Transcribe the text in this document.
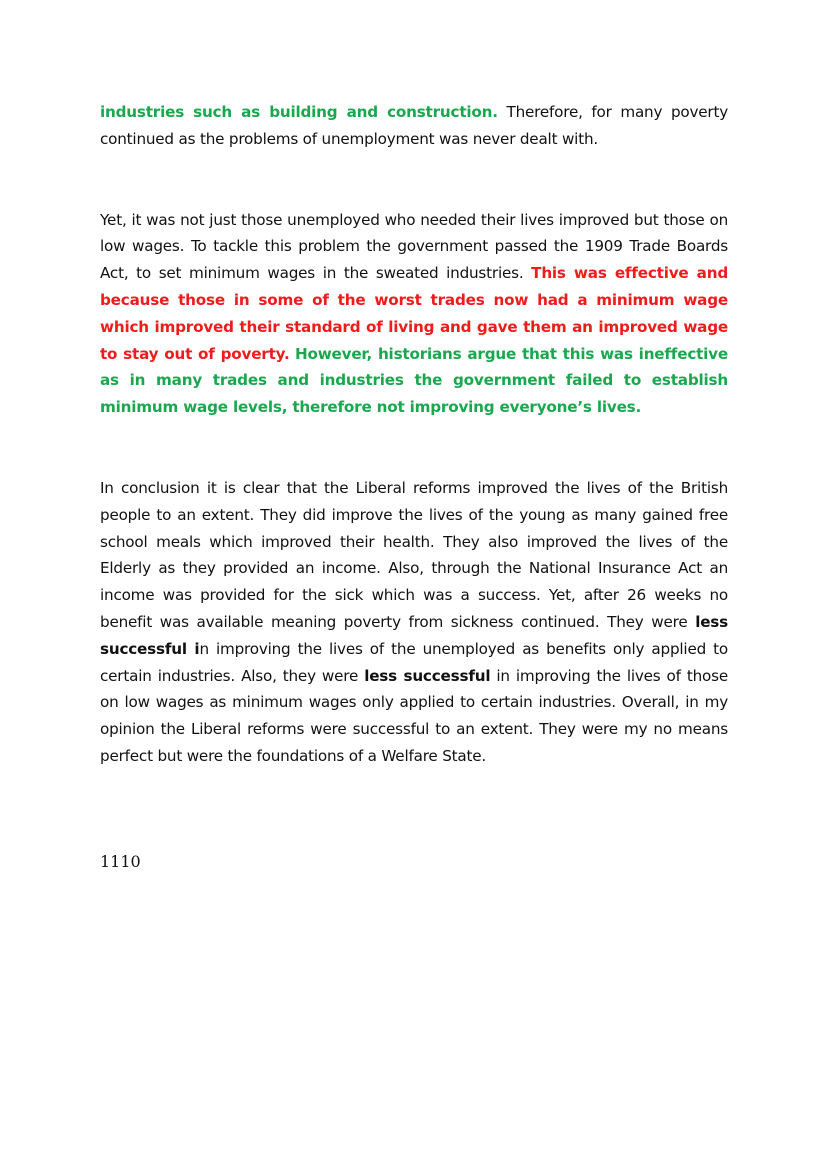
industries such as building and construction. Therefore, for many poverty continued as the problems of unemployment was never dealt with.

Yet, it was not just those unemployed who needed their lives improved but those on low wages. To tackle this problem the government passed the 1909 Trade Boards Act, to set minimum wages in the sweated industries. This was effective and because those in some of the worst trades now had a minimum wage which improved their standard of living and gave them an improved wage to stay out of poverty. However, historians argue that this was ineffective as in many trades and industries the government failed to establish minimum wage levels, therefore not improving everyone’s lives.

In conclusion it is clear that the Liberal reforms improved the lives of the British people to an extent. They did improve the lives of the young as many gained free school meals which improved their health. They also improved the lives of the Elderly as they provided an income. Also, through the National Insurance Act an income was provided for the sick which was a success. Yet, after 26 weeks no benefit was available meaning poverty from sickness continued. They were less successful in improving the lives of the unemployed as benefits only applied to certain industries. Also, they were less successful in improving the lives of those on low wages as minimum wages only applied to certain industries. Overall, in my opinion the Liberal reforms were successful to an extent. They were my no means perfect but were the foundations of a Welfare State.

1110
